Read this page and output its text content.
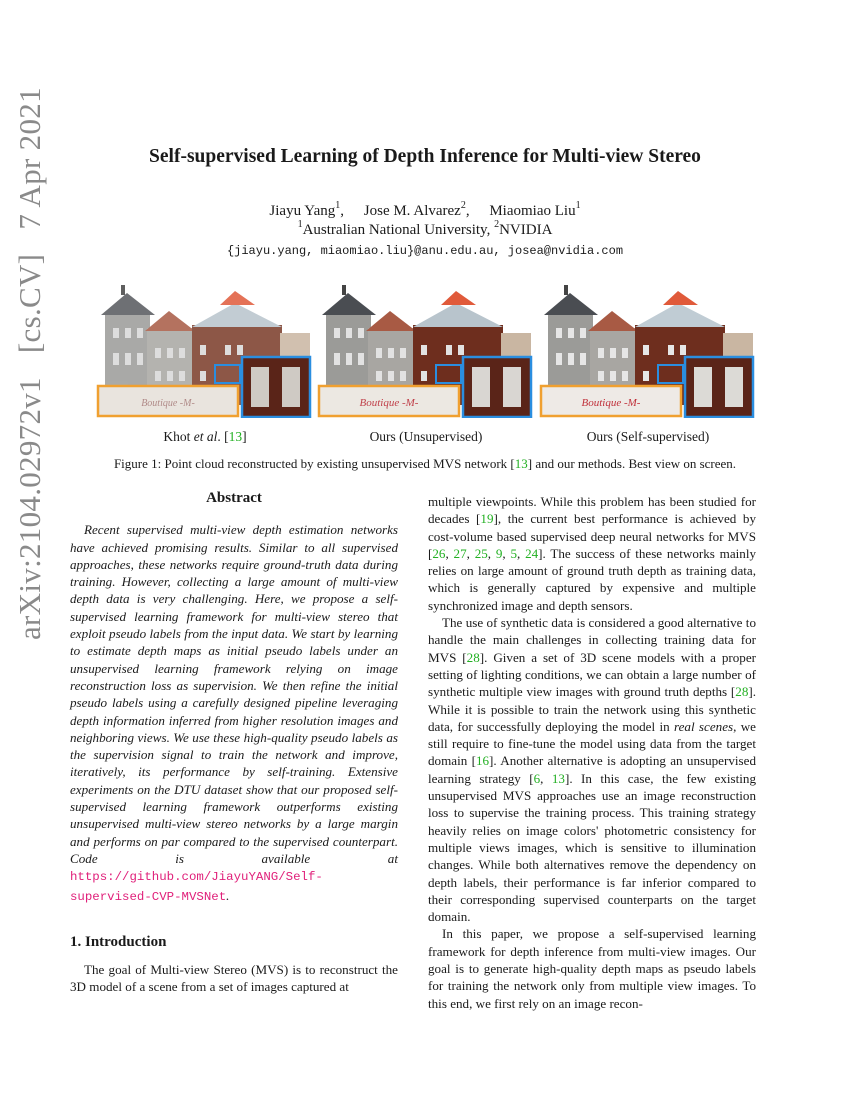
arXiv:2104.02972v1 [cs.CV] 7 Apr 2021	Self-supervised Learning of Depth Inference for Multi-view Stereo
Jiayu Yang$^1$, Jose M. Alvarez$^2$, Miaomiao Liu$^1$
$^1$Australian National University, $^2$NVIDIA
{jiayu.yang, miaomiao.liu}@anu.edu.au, josea@nvidia.com
Boutique -M-
Khot et al. [13]
Boutique -M-
Ours (Unsupervised)
Boutique -M-
Ours (Self-supervised)
Figure 1: Point cloud reconstructed by existing unsupervised MVS network [13] and our methods. Best view on screen.
Abstract

Recent supervised multi-view depth estimation networks have achieved promising results. Similar to all supervised approaches, these networks require ground-truth data during training. However, collecting a large amount of multi-view depth data is very challenging. Here, we propose a self-supervised learning framework for multi-view stereo that exploit pseudo labels from the input data. We start by learning to estimate depth maps as initial pseudo labels under an unsupervised learning framework relying on image reconstruction loss as supervision. We then refine the initial pseudo labels using a carefully designed pipeline leveraging depth information inferred from higher resolution images and neighboring views. We use these high-quality pseudo labels as the supervision signal to train the network and improve, iteratively, its performance by self-training. Extensive experiments on the DTU dataset show that our proposed self-supervised learning framework outperforms existing unsupervised multi-view stereo networks by a large margin and performs on par compared to the supervised counterpart. Code is available at https://github.com/JiayuYANG/Self-supervised-CVP-MVSNet.

1. Introduction

The goal of Multi-view Stereo (MVS) is to reconstruct the 3D model of a scene from a set of images captured at

multiple viewpoints. While this problem has been studied for decades [19], the current best performance is achieved by cost-volume based supervised deep neural networks for MVS [26, 27, 25, 9, 5, 24]. The success of these networks mainly relies on large amount of ground truth depth as training data, which is generally captured by expensive and multiple synchronized image and depth sensors.

The use of synthetic data is considered a good alternative to handle the main challenges in collecting training data for MVS [28]. Given a set of 3D scene models with a proper setting of lighting conditions, we can obtain a large number of synthetic multiple view images with ground truth depths [28]. While it is possible to train the network using this synthetic data, for successfully deploying the model in real scenes, we still require to fine-tune the model using data from the target domain [16]. Another alternative is adopting an unsupervised learning strategy [6, 13]. In this case, the few existing unsupervised MVS approaches use an image reconstruction loss to supervise the training process. This training strategy heavily relies on image colors' photometric consistency for multiple views images, which is sensitive to illumination changes. While both alternatives remove the dependency on depth labels, their performance is far inferior compared to their corresponding supervised counterparts on the target domain.

In this paper, we propose a self-supervised learning framework for depth inference from multi-view images. Our goal is to generate high-quality depth maps as pseudo labels for training the network only from multiple view images. To this end, we first rely on an image recon-
